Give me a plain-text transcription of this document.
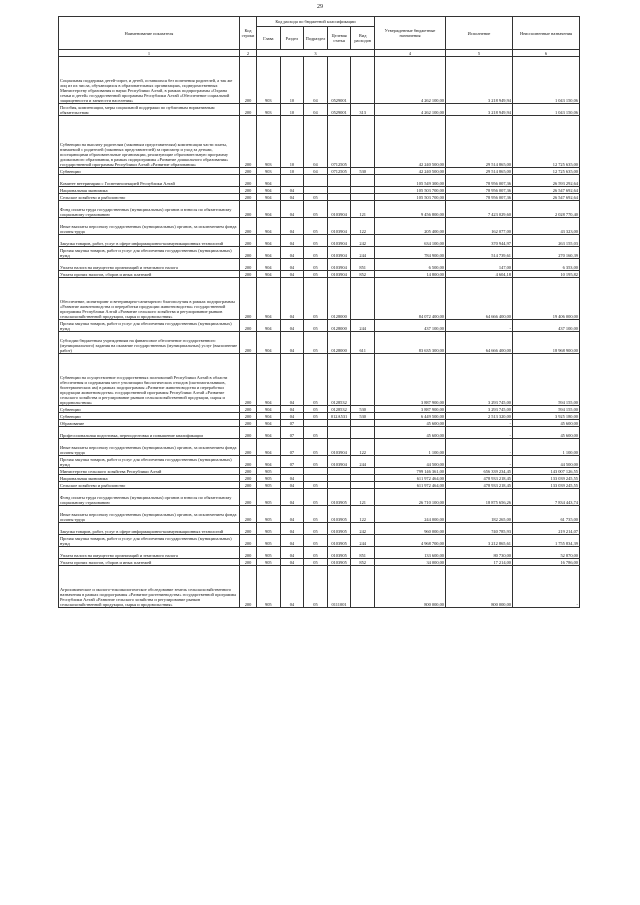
29
Наименование показателя	Код строки	Код расхода по бюджетной классификации					Утвержденные бюджетные назначения	Исполнение	Неисполненные назначения
		Глава	Раздел	Подраздел	Целевая статья	Вид расходов			
1	2	3					4	5	6
Социальная поддержка детей-сирот, и детей, оставшихся без попечения родителей, а так же лиц из их числа, обучающихся в образовательных организациях, подведомственных Министерству образования и науки Республики Алтай, в рамках подпрограммы «Охрана семьи и детей» государственной программы Республики Алтай «Обеспечение социальной защищенности и занятости населения»	200	903	10	04	0529001		4 262 100,00	3 218 949,94	1 043 150,06
Пособия, компенсации, меры социальной поддержки по публичным нормативным обязательствам	200	903	10	04	0529001	313	4 262 100,00	3 218 949,94	1 043 150,06
Субвенции на выплату родителям (законным представителям) компенсации части платы, взимаемой с родителей (законных представителей) за присмотр и уход за детьми, посещающими образовательные организации, реализующие образовательную программу дошкольного образования, в рамках подпрограммы «Развитие дошкольного образования» государственной программы Республики Алтай «Развитие образования»	200	903	10	04	0712505		42 240 500,00	29 514 865,00	12 725 635,00
Субвенции	200	903	10	04	0712505	530	42 240 500,00	29 514 865,00	12 725 635,00
Комитет ветеринарии с Госветинспекцией Республики Алтай	200	904					105 549 300,00	78 956 007,36	26 593 292,64
Национальная экономика	200	904	04				105 503 700,00	78 956 007,36	26 547 692,64
Сельское хозяйство и рыболовство	200	904	04	05			105 503 700,00	78 956 007,36	26 547 692,64
Фонд оплаты труда государственных (муниципальных) органов и взносы по обязательному социальному страхованию	200	904	04	05	0103904	121	9 456 800,00	7 423 029,60	2 028 770,40
Иные выплаты персоналу государственных (муниципальных) органов, за исключением фонда оплаты труда	200	904	04	05	0103904	122	205 400,00	162 077,00	43 323,00
Закупка товаров, работ, услуг в сфере информационно-коммуникационных технологий	200	904	04	05	0103904	242	634 100,00	370 944,97	263 155,03
Прочая закупка товаров, работ и услуг для обеспечения государственных (муниципальных) нужд	200	904	04	05	0103904	244	784 900,00	514 739,61	270 160,39
Уплата налога на имущество организаций и земельного налога	200	904	04	05	0103904	851	6 500,00	147,00	6 353,00
Уплата прочих налогов, сборов и иных платежей	200	904	04	05	0103904	852	14 800,00	4 604,18	10 195,82
Обеспечение, мониторинг и ветеринарно-санитарного благополучия в рамках подпрограммы «Развитие животноводства и переработки продукции животноводства» государственной программы Республики Алтай «Развитие сельского хозяйства и регулирование рынков сельскохозяйственной продукции, сырья и продовольствия»	200	904	04	05	0128000		84 072 400,00	64 666 400,00	19 406 000,00
Прочая закупка товаров, работ и услуг для обеспечения государственных (муниципальных) нужд	200	904	04	05	0128000	244	437 100,00	-	437 100,00
Субсидии бюджетным учреждениям на финансовое обеспечение государственного (муниципального) задания на оказание государственных (муниципальных) услуг (выполнение работ)	200	904	04	05	0128000	611	83 635 300,00	64 666 400,00	18 968 900,00
Субвенции на осуществление государственных полномочий Республики Алтай в области обеспечения и содержания мест утилизации биологических отходов (скотомогильников, биотермических ям) в рамках подпрограммы «Развитие животноводства и переработки продукции животноводства» государственной программы Республики Алтай «Развитие сельского хозяйства и регулирование рынков сельскохозяйственной продукции, сырья и продовольствия»	200	904	04	05	0128532		3 887 900,00	3 293 745,00	594 155,00
Субвенции	200	904	04	05	0128532	530	3 887 900,00	3 293 745,00	594 155,00
Субвенции	200	904	04	05	012А531	530	6 449 500,00	2 513 320,00	3 925 180,00
Образование	200	904	07				45 600,00	-	45 600,00
Профессиональная подготовка, переподготовка и повышение квалификации	200	904	07	05			45 600,00	-	45 600,00
Иные выплаты персоналу государственных (муниципальных) органов, за исключением фонда оплаты труда	200	904	07	05	0103904	122	1 100,00	-	1 100,00
Прочая закупка товаров, работ и услуг для обеспечения государственных (муниципальных) нужд	200	904	07	05	0103904	244	44 500,00	-	44 500,00
Министерство сельского хозяйства Республики Алтай	200	905					799 146 361,00	656 339 234,45	143 007 126,55
Национальная экономика	200	905	04				611 972 464,00	478 933 218,45	133 039 245,55
Сельское хозяйство и рыболовство	200	905	04	05			611 972 464,00	478 933 218,45	133 039 245,55
Фонд оплаты труда государственных (муниципальных) органов и взносы по обязательному социальному страхованию	200	905	04	05	0103905	121	26 710 100,00	18 875 656,26	7 834 443,74
Иные выплаты персоналу государственных (муниципальных) органов, за исключением фонда оплаты труда	200	905	04	05	0103905	122	244 000,00	182 265,00	61 735,00
Закупка товаров, работ, услуг в сфере информационно-коммуникационных технологий	200	905	04	05	0103905	242	960 000,00	740 785,93	219 214,07
Прочая закупка товаров, работ и услуг для обеспечения государственных (муниципальных) нужд	200	905	04	05	0103905	244	4 968 700,00	3 212 865,61	1 755 834,39
Уплата налога на имущество организаций и земельного налога	200	905	04	05	0103905	851	133 600,00	80 730,00	52 870,00
Уплата прочих налогов, сборов и иных платежей	200	905	04	05	0103905	852	34 000,00	17 214,00	16 786,00
Агрохимическое и эколого-токсикологическое обследование земель сельскохозяйственного назначения в рамках подпрограммы «Развитие растениеводства» государственной программы Республики Алтай «Развитие сельского хозяйства и регулирование рынков сельскохозяйственной продукции, сырья и продовольствия»	200	905	04	05	0111001		800 000,00	800 000,00	-
